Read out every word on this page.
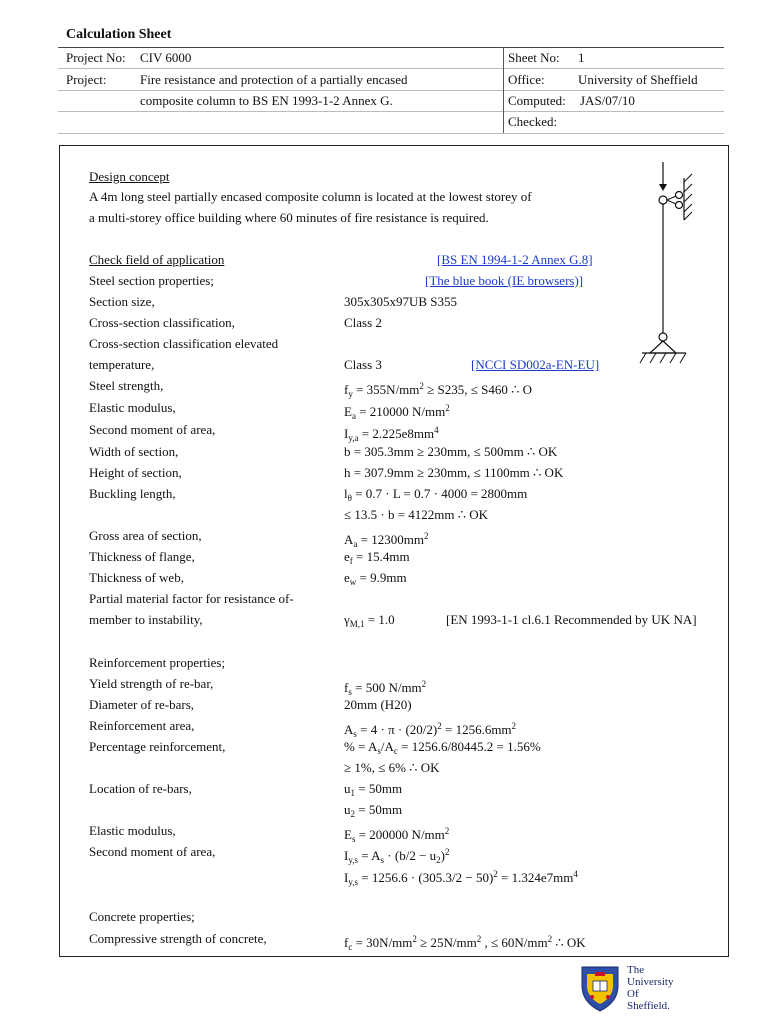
Calculation Sheet
Project No: CIV 6000
Project:	Fire resistance and protection of a partially encased
composite column to BS EN 1993-1-2 Annex G.
Sheet No: 1
Office:	University of Sheffield
Computed: JAS/07/10
Checked:
Design concept
A 4m long steel partially encased composite column is located at the lowest storey of
a multi-storey office building where 60 minutes of fire resistance is required.
Check field of application	[BS EN 1994-1-2 Annex G.8]
Steel section properties;	[The blue book (IE browsers)]
Section size,	305x305x97UB S355
Cross-section classification,	Class 2
Cross-section classification elevated
temperature,	Class 3	[NCCI SD002a-EN-EU]
Steel strength,	$f_y = 355N/mm^2 \ge S235$, ≤ S460 ∴ O
Elastic modulus,	$E_a = 210000$ $N/mm^2$
Second moment of area,	$I_{y,a} = 2.225e8mm^4$
Width of section,	b = 305.3mm ≥ 230mm, ≤ 500mm ∴ OK
Height of section,	h = 307.9mm ≥ 230mm, ≤ 1100mm ∴ OK
Buckling length,	$l_\theta = 0.7 \cdot L = 0.7 \cdot 4000 = 2800mm$
≤ 13.5 · b = 4122mm ∴ OK
Gross area of section,	$A_a = 12300mm^2$
Thickness of flange,	$e_f = 15.4mm$
Thickness of web,	$e_w = 9.9mm$
Partial material factor for resistance of-
member to instability,	$\gamma_{M,1} = 1.0$	[EN 1993-1-1 cl.6.1 Recommended by UK NA]
Reinforcement properties;
Yield strength of re-bar,	$f_s = 500$ $N/mm^2$
Diameter of re-bars,	20mm (H20)
Reinforcement area,	$A_s = 4 \cdot \pi \cdot (20/2)^2 = 1256.6mm^2$
Percentage reinforcement,	% = $A_s/A_c = 1256.6/80445.2 = 1.56\%$
≥ 1%, ≤ 6% ∴ OK
Location of re-bars,	$u_1 = 50mm$
$u_2 = 50mm$
Elastic modulus,	$E_s = 200000$ $N/mm^2$
Second moment of area,	$I_{y,s} = A_s \cdot (b/2 - u_2)^2$
$I_{y,s} = 1256.6 \cdot (305.3/2 - 50)^2 = 1.324e7mm^4$
Concrete properties;
Compressive strength of concrete,	$f_c = 30N/mm^2 \ge 25N/mm^2$ , ≤ $60N/mm^2$ ∴ OK
The
University
Of
Sheffield.
